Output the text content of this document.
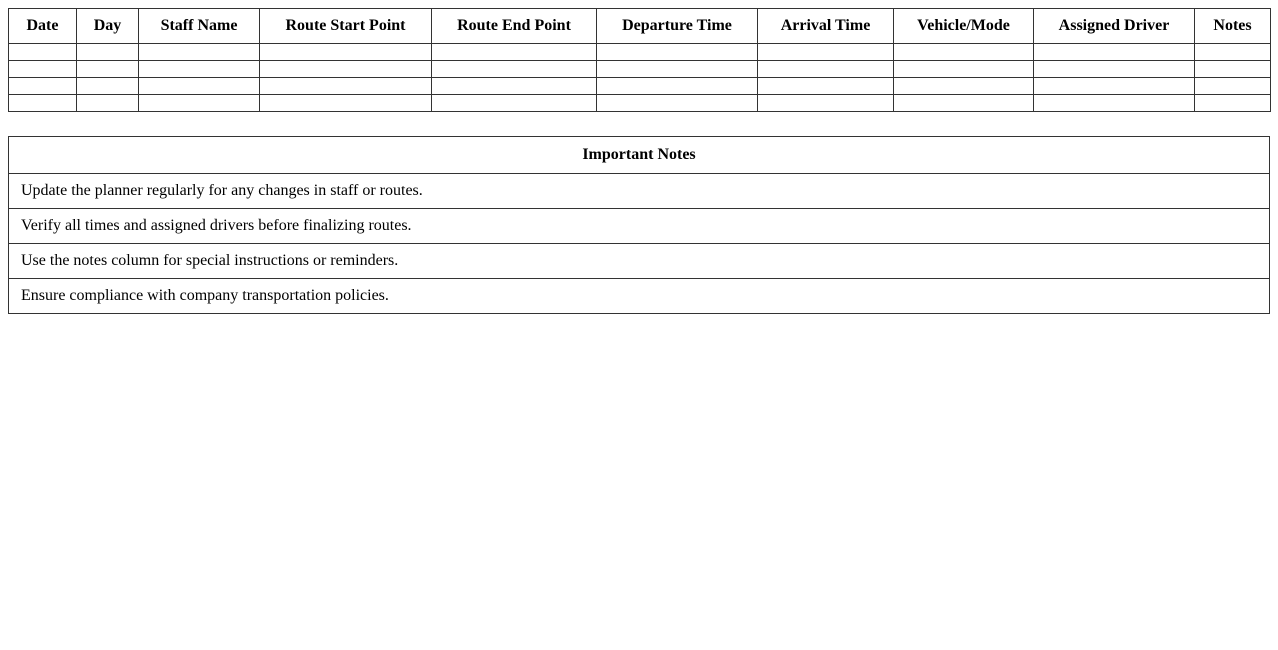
Date	Day	Staff Name	Route Start Point	Route End Point	Departure Time	Arrival Time	Vehicle/Mode	Assigned Driver	Notes

Important Notes
Update the planner regularly for any changes in staff or routes.
Verify all times and assigned drivers before finalizing routes.
Use the notes column for special instructions or reminders.
Ensure compliance with company transportation policies.
